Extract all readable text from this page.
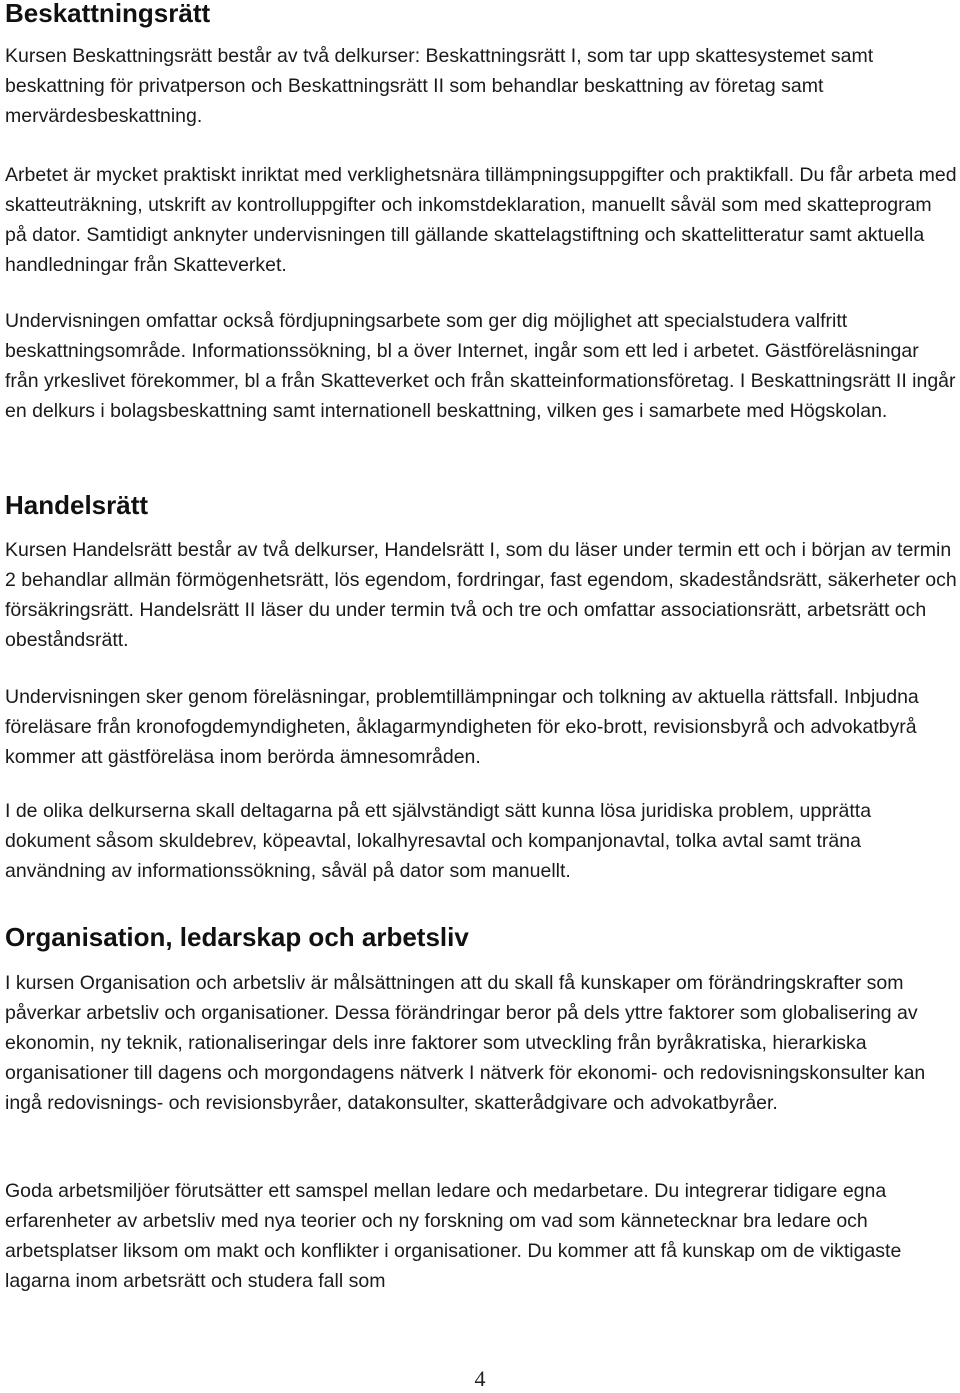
Beskattningsrätt

Kursen Beskattningsrätt består av två delkurser: Beskattningsrätt I, som tar upp skattesystemet samt beskattning för privatperson och Beskattningsrätt II som behandlar beskattning av företag samt mervärdesbeskattning.

Arbetet är mycket praktiskt inriktat med verklighetsnära tillämpningsuppgifter och praktikfall. Du får arbeta med skatteuträkning, utskrift av kontrolluppgifter och inkomstdeklaration, manuellt såväl som med skatteprogram på dator. Samtidigt anknyter undervisningen till gällande skattelagstiftning och skattelitteratur samt aktuella handledningar från Skatteverket.

Undervisningen omfattar också fördjupningsarbete som ger dig möjlighet att specialstudera valfritt beskattningsområde. Informationssökning, bl a över Internet, ingår som ett led i arbetet. Gästföreläsningar från yrkeslivet förekommer, bl a från Skatteverket och från skatteinformationsföretag. I Beskattningsrätt II ingår en delkurs i bolagsbeskattning samt internationell beskattning, vilken ges i samarbete med Högskolan.

Handelsrätt

Kursen Handelsrätt består av två delkurser, Handelsrätt I, som du läser under termin ett och i början av termin 2 behandlar allmän förmögenhetsrätt, lös egendom, fordringar, fast egendom, skadeståndsrätt, säkerheter och försäkringsrätt. Handelsrätt II läser du under termin två och tre och omfattar associationsrätt, arbetsrätt och obeståndsrätt.

Undervisningen sker genom föreläsningar, problemtillämpningar och tolkning av aktuella rättsfall. Inbjudna föreläsare från kronofogdemyndigheten, åklagarmyndigheten för eko-brott, revisionsbyrå och advokatbyrå kommer att gästföreläsa inom berörda ämnesområden.

I de olika delkurserna skall deltagarna på ett självständigt sätt kunna lösa juridiska problem, upprätta dokument såsom skuldebrev, köpeavtal, lokalhyresavtal och kompanjonavtal, tolka avtal samt träna användning av informationssökning, såväl på dator som manuellt.

Organisation, ledarskap och arbetsliv

I kursen Organisation och arbetsliv är målsättningen att du skall få kunskaper om förändringskrafter som påverkar arbetsliv och organisationer. Dessa förändringar beror på dels yttre faktorer som globalisering av ekonomin, ny teknik, rationaliseringar dels inre faktorer som utveckling från byråkratiska, hierarkiska organisationer till dagens och morgondagens nätverk I nätverk för ekonomi- och redovisningskonsulter kan ingå redovisnings- och revisionsbyråer, datakonsulter, skatterådgivare och advokatbyråer.

Goda arbetsmiljöer förutsätter ett samspel mellan ledare och medarbetare. Du integrerar tidigare egna erfarenheter av arbetsliv med nya teorier och ny forskning om vad som kännetecknar bra ledare och arbetsplatser liksom om makt och konflikter i organisationer. Du kommer att få kunskap om de viktigaste lagarna inom arbetsrätt och studera fall som

4
